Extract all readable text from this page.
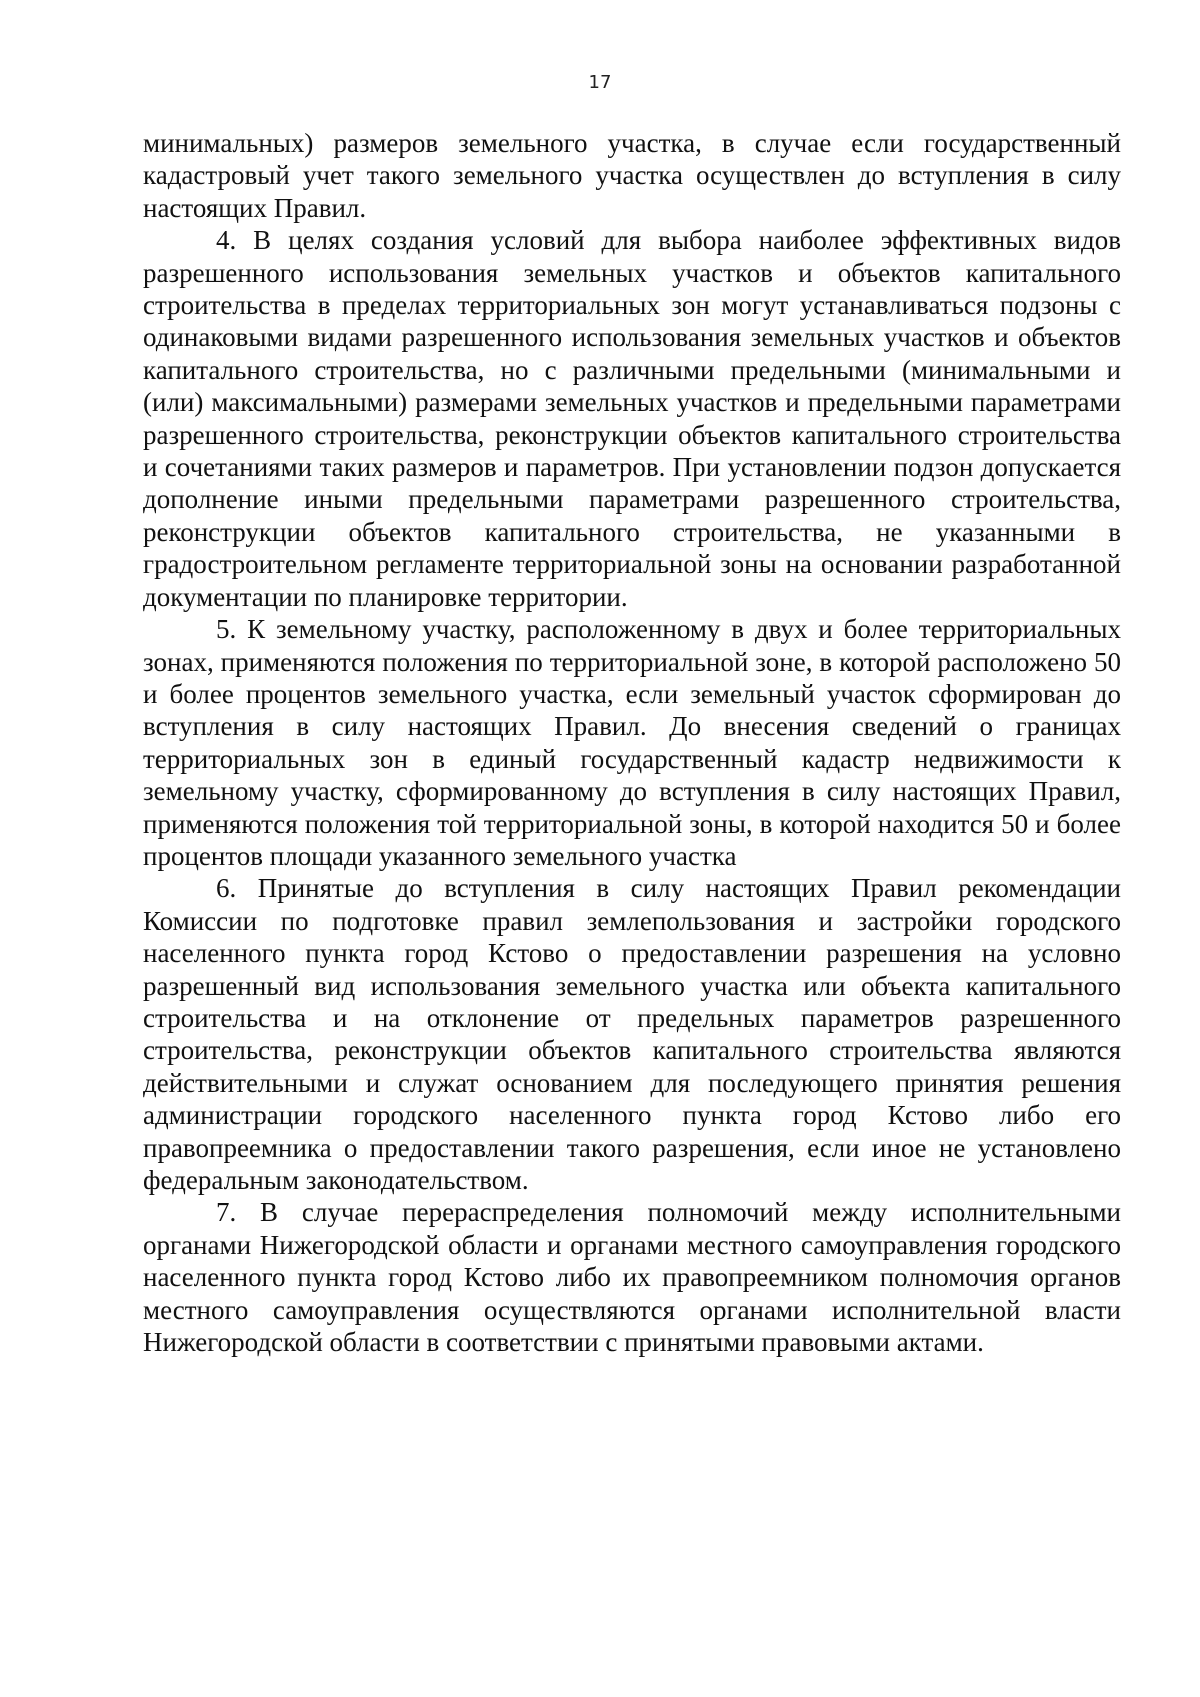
17

минимальных) размеров земельного участка, в случае если государственный кадастровый учет такого земельного участка осуществлен до вступления в силу настоящих Правил.

4. В целях создания условий для выбора наиболее эффективных видов разрешенного использования земельных участков и объектов капитального строительства в пределах территориальных зон могут устанавливаться подзоны с одинаковыми видами разрешенного использования земельных участков и объектов капитального строительства, но с различными предельными (минимальными и (или) максимальными) размерами земельных участков и предельными параметрами разрешенного строительства, реконструкции объектов капитального строительства и сочетаниями таких размеров и параметров. При установлении подзон допускается дополнение иными предельными параметрами разрешенного строительства, реконструкции объектов капитального строительства, не указанными в градостроительном регламенте территориальной зоны на основании разработанной документации по планировке территории.

5. К земельному участку, расположенному в двух и более территориальных зонах, применяются положения по территориальной зоне, в которой расположено 50 и более процентов земельного участка, если земельный участок сформирован до вступления в силу настоящих Правил. До внесения сведений о границах территориальных зон в единый государственный кадастр недвижимости к земельному участку, сформированному до вступления в силу настоящих Правил, применяются положения той территориальной зоны, в которой находится 50 и более процентов площади указанного земельного участка

6. Принятые до вступления в силу настоящих Правил рекомендации Комиссии по подготовке правил землепользования и застройки городского населенного пункта город Кстово о предоставлении разрешения на условно разрешенный вид использования земельного участка или объекта капитального строительства и на отклонение от предельных параметров разрешенного строительства, реконструкции объектов капитального строительства являются действительными и служат основанием для последующего принятия решения администрации городского населенного пункта город Кстово либо его правопреемника о предоставлении такого разрешения, если иное не установлено федеральным законодательством.

7. В случае перераспределения полномочий между исполнительными органами Нижегородской области и органами местного самоуправления городского населенного пункта город Кстово либо их правопреемником полномочия органов местного самоуправления осуществляются органами исполнительной власти Нижегородской области в соответствии с принятыми правовыми актами.
